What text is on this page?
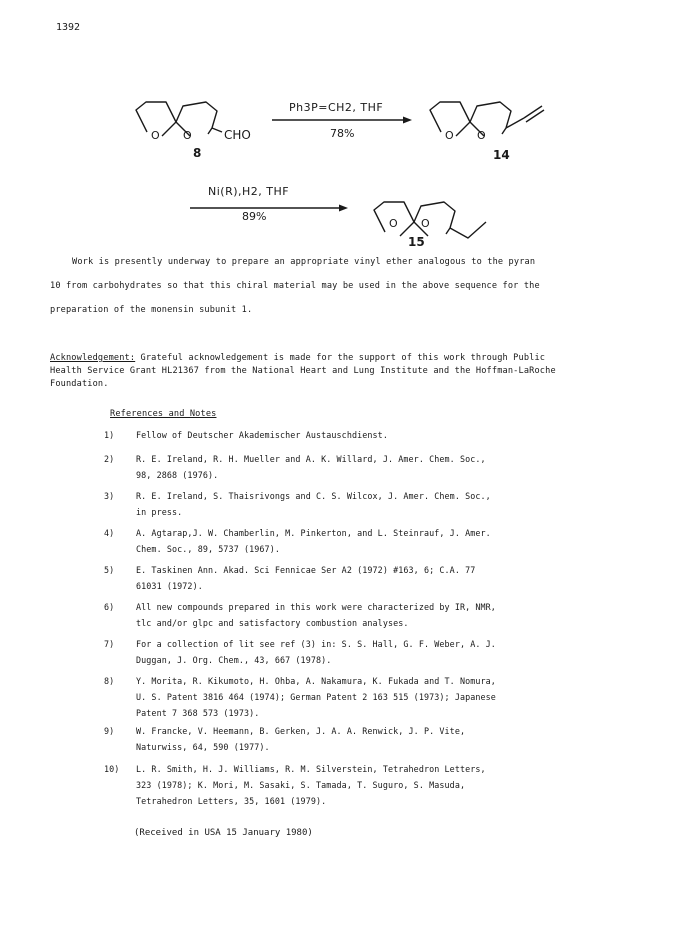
1392
O O	CHO
8
Ph3P=CH2, THF
78%	O O
14
Ni(R),H2, THF
89%
O O
15
Work is presently underway to prepare an appropriate vinyl ether analogous to the pyran
10 from carbohydrates so that this chiral material may be used in the above sequence for the
preparation of the monensin subunit 1.
Acknowledgement: Grateful acknowledgement is made for the support of this work through Public
Health Service Grant HL21367 from the National Heart and Lung Institute and the Hoffman-LaRoche
Foundation.
References and Notes
1)	Fellow of Deutscher Akademischer Austauschdienst.
2)	R. E. Ireland, R. H. Mueller and A. K. Willard, J. Amer. Chem. Soc.,
98, 2868 (1976).
3)	R. E. Ireland, S. Thaisrivongs and C. S. Wilcox, J. Amer. Chem. Soc.,
in press.
4)	A. Agtarap,J. W. Chamberlin, M. Pinkerton, and L. Steinrauf, J. Amer.
Chem. Soc., 89, 5737 (1967).
5)	E. Taskinen Ann. Akad. Sci Fennicae Ser A2 (1972) #163, 6; C.A. 77
61031 (1972).
6)	All new compounds prepared in this work were characterized by IR, NMR,
tlc and/or glpc and satisfactory combustion analyses.
7)	For a collection of lit see ref (3) in: S. S. Hall, G. F. Weber, A. J.
Duggan, J. Org. Chem., 43, 667 (1978).
8)	Y. Morita, R. Kikumoto, H. Ohba, A. Nakamura, K. Fukada and T. Nomura,
U. S. Patent 3816 464 (1974); German Patent 2 163 515 (1973); Japanese
Patent 7 368 573 (1973).
9)	W. Francke, V. Heemann, B. Gerken, J. A. A. Renwick, J. P. Vite,
Naturwiss, 64, 590 (1977).
10) L. R. Smith, H. J. Williams, R. M. Silverstein, Tetrahedron Letters,
323 (1978); K. Mori, M. Sasaki, S. Tamada, T. Suguro, S. Masuda,
Tetrahedron Letters, 35, 1601 (1979).
(Received in USA 15 January 1980)
